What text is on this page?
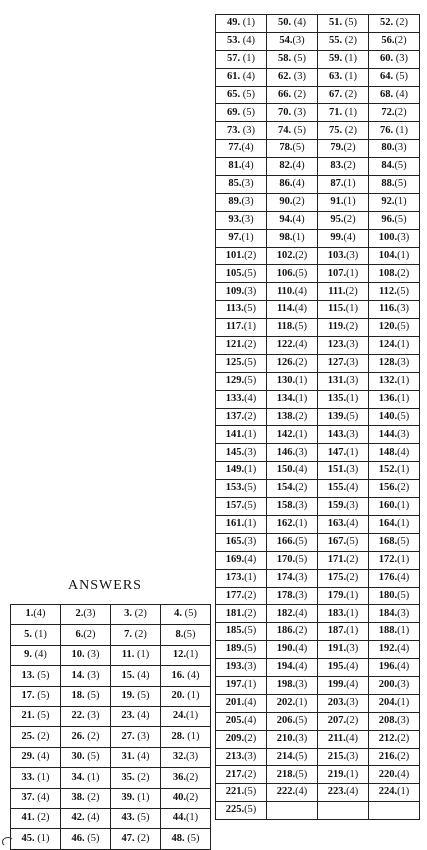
ANSWERS
49. (1)	50. (4)	51. (5)	52. (2)
53. (4)	54.(3)	55. (2)	56.(2)
57. (1)	58. (5)	59. (1)	60. (3)
61. (4)	62. (3)	63. (1)	64. (5)
65. (5)	66. (2)	67. (2)	68. (4)
69. (5)	70. (3)	71. (1)	72.(2)
73. (3)	74. (5)	75. (2)	76. (1)
77.(4)	78.(5)	79.(2)	80.(3)
81.(4)	82.(4)	83.(2)	84.(5)
85.(3)	86.(4)	87.(1)	88.(5)
89.(3)	90.(2)	91.(1)	92.(1)
93.(3)	94.(4)	95.(2)	96.(5)
97.(1)	98.(1)	99.(4)	100.(3)
101.(2)	102.(2)	103.(3)	104.(1)
105.(5)	106.(5)	107.(1)	108.(2)
109.(3)	110.(4)	111.(2)	112.(5)
113.(5)	114.(4)	115.(1)	116.(3)
117.(1)	118.(5)	119.(2)	120.(5)
121.(2)	122.(4)	123.(3)	124.(1)
125.(5)	126.(2)	127.(3)	128.(3)
129.(5)	130.(1)	131.(3)	132.(1)
133.(4)	134.(1)	135.(1)	136.(1)
137.(2)	138.(2)	139.(5)	140.(5)
141.(1)	142.(1)	143.(3)	144.(3)
145.(3)	146.(3)	147.(1)	148.(4)
149.(1)	150.(4)	151.(3)	152.(1)
153.(5)	154.(2)	155.(4)	156.(2)
157.(5)	158.(3)	159.(3)	160.(1)
161.(1)	162.(1)	163.(4)	164.(1)
165.(3)	166.(5)	167.(5)	168.(5)
169.(4)	170.(5)	171.(2)	172.(1)
173.(1)	174.(3)	175.(2)	176.(4)
177.(2)	178.(3)	179.(1)	180.(5)
181.(2)	182.(4)	183.(1)	184.(3)
185.(5)	186.(2)	187.(1)	188.(1)
189.(5)	190.(4)	191.(3)	192.(4)
193.(3)	194.(4)	195.(4)	196.(4)
197.(1)	198.(3)	199.(4)	200.(3)
201.(4)	202.(1)	203.(3)	204.(1)
205.(4)	206.(5)	207.(2)	208.(3)
209.(2)	210.(3)	211.(4)	212.(2)
213.(3)	214.(5)	215.(3)	216.(2)
217.(2)	218.(5)	219.(1)	220.(4)
221.(5)	222.(4)	223.(4)	224.(1)
225.(5)			
1.(4)	2.(3)	3. (2)	4. (5)
5. (1)	6.(2)	7. (2)	8.(5)
9. (4)	10. (3)	11. (1)	12.(1)
13. (5)	14. (3)	15. (4)	16. (4)
17. (5)	18. (5)	19. (5)	20. (1)
21. (5)	22. (3)	23. (4)	24.(1)
25. (2)	26. (2)	27. (3)	28. (1)
29. (4)	30. (5)	31. (4)	32.(3)
33. (1)	34. (1)	35. (2)	36.(2)
37. (4)	38. (2)	39. (1)	40.(2)
41. (2)	42. (4)	43. (5)	44.(1)
45. (1)	46. (5)	47. (2)	48. (5)
